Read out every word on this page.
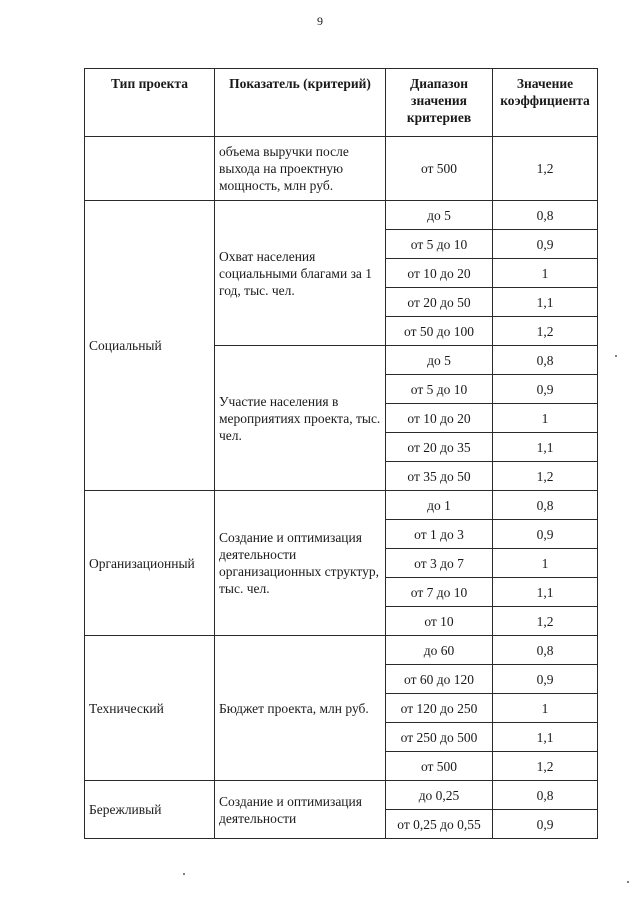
9
Тип проекта	Показатель (критерий)	Диапазон значения критериев	Значение коэффициента
	объема выручки после выхода на проектную мощность, млн руб.	от 500	1,2
Социальный	Охват населения социальными благами за 1 год, тыс. чел.	до 5	0,8
		от 5 до 10	0,9
		от 10 до 20	1
		от 20 до 50	1,1
		от 50 до 100	1,2
	Участие населения в мероприятиях проекта, тыс. чел.	до 5	0,8
		от 5 до 10	0,9
		от 10 до 20	1
		от 20 до 35	1,1
		от 35 до 50	1,2
Организационный	Создание и оптимизация деятельности организационных структур, тыс. чел.	до 1	0,8
		от 1 до 3	0,9
		от 3 до 7	1
		от 7 до 10	1,1
		от 10	1,2
Технический	Бюджет проекта, млн руб.	до 60	0,8
		от 60 до 120	0,9
		от 120 до 250	1
		от 250 до 500	1,1
		от 500	1,2
Бережливый	Создание и оптимизация деятельности	до 0,25	0,8
		от 0,25 до 0,55	0,9
